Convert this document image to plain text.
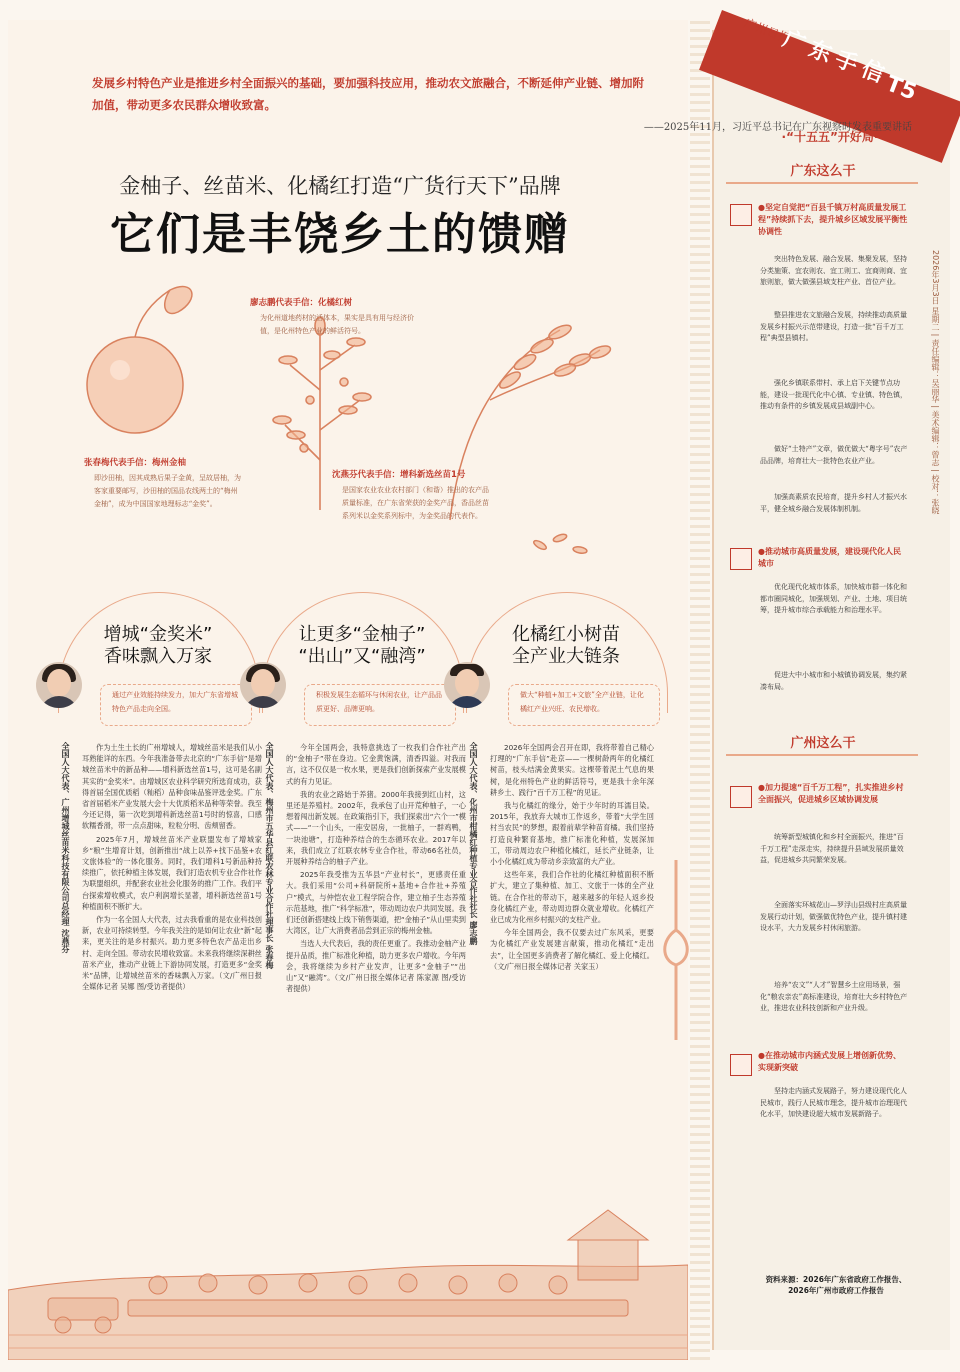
广州日报
广东手信
T5
2026年3月3日 星期二 | 责任编辑：吴丽华 | 美术编辑：曾志 | 校对：张晓
发展乡村特色产业是推进乡村全面振兴的基础，要加强科技应用，推动农文旅融合，不断延伸产业链、增加附加值，带动更多农民群众增收致富。
——2025年11月，习近平总书记在广东视察时发表重要讲话
金柚子、丝苗米、化橘红打造“广货行天下”品牌
它们是丰饶乡土的馈赠
廖志鹏代表手信：化橘红树
为化州道地药材的活体本，果实是具有用与经济价值，是化州特色产业的鲜活符号。
张春梅代表手信：梅州金柚
即沙田柚，因其成熟后果子金黄，呈故居柚，为客家重要邮写，沙田柚的国品农线两土的“梅州金柚”，成为中国国家地理标志“金奖”。
沈燕芬代表手信：增科新选丝苗1号
是国家农业农业农村部门（和谐）推出的农产品质量标准，在广东省荣获的金奖产品，香品丝苗系列米以金奖系列标中，为金奖品的代表作。
增城“金奖米”
香味飘入万家
通过产业效能持续发力，加大广东省增城特色产品走向全国。
全国人大代表、广州增城丝苗米科技有限公司总经理 沈燕芬	作为土生土长的广州增城人，增城丝苗米是我们从小耳熟能详的东西。今年我准备带去北京的“广东手信”是增城丝苗米中的新品种——增科新选丝苗1号，这可是名副其实的“金奖米”。由增城区农业科学研究所选育成功，获得首届全国优质稻（籼稻）品种食味品鉴评选金奖。广东省首届稻米产业发展大会十大优质稻米品种等荣誉。我至今还记得，第一次吃到增科新选丝苗1号时的惊喜，口感软糯香滑，带一点点甜味，粒粒分明、齿颊留香。

2025年7月，增城丝苗米产业联盟发布了增城家乡“粮”生增育计划，创新推出“战上以养+找下品鉴+农文旅体验”的一体化服务。同时，我们增科1号新品种持续推广，依托种植主体发展，我们打造农机专业合作社作为联盟组织，并配套农业社会化服务的推广工作。我们平台探索增收模式，农户利润增长显著，增科新选丝苗1号种植面积不断扩大。

作为一名全国人大代表，过去我看重的是农业科技创新，农业可持续转型。今年我关注的是如何让农业“新”起来，更关注的是乡村振兴。助力更多特色农产品走出乡村、走向全国。带动农民增收致富。未来我将继续深耕丝苗米产业，推动产业链上下游协同发展，打造更多“金奖米”品牌，让增城丝苗米的香味飘入万家。（文/广州日报全媒体记者 吴娜 图/受访者提供）

让更多“金柚子”
“出山”又“融湾”
积极发展生态循环与休闲农业，让产品品质更好、品牌更响。
全国人大代表、梅州市五华县红联农林专业合作社理事长 张春梅	今年全国两会，我特意挑选了一枚我们合作社产出的“金柚子”带在身边。它金黄饱满，清香四溢。对我而言，这不仅仅是一枚水果，更是我们创新探索产业发展模式的有力见证。

我的农业之路始于养猪。2000年我接到红山村，这里还是养殖村。2002年，我承包了山开荒种柚子，一心想着闯出新发展。在政策指引下，我们探索出“六个一”模式——“一个山头，一座安居房，一批柚子，一群鸡鸭，一块池塘”，打造种养结合的生态循环农业。2017年以来，我们成立了红联农林专业合作社，带动66名社员，开展种养结合的柚子产业。

2025年我受推为五华县“产业村长”，更感责任重大。我们采用“公司+科研院所+基地+合作社+养殖户”模式，与仲恺农业工程学院合作，建立柚子生态养殖示范基地，推广“科学标准”，带动周边农户共同发展。我们还创新搭建线上线下销售渠道，把“金柚子”从山里卖到大湾区，让广大消费者品尝到正宗的梅州金柚。

当选人大代表后，我的责任更重了。我推动金柚产业提升品质，推广标准化种植，助力更多农户增收。今年两会，我将继续为乡村产业发声，让更多“金柚子”“出山”又“融湾”。（文/广州日报全媒体记者 陈家源 图/受访者提供）

化橘红小树苗
全产业大链条
做大“种植+加工+文旅”全产业链，让化橘红产业兴旺、农民增收。
全国人大代表、化州市柑橘红种植专业合作社社长 廖志鹏	2026年全国两会召开在即，我将带着自己精心打理的“广东手信”赴京——一棵树龄两年的化橘红树苗，枝头结满金黄果实。这棵带着泥土气息的果树，是化州特色产业的鲜活符号，更是我十余年深耕乡土、践行“百千万工程”的见证。

我与化橘红的缘分，始于少年时的耳濡目染。2015年，我放弃大城市工作返乡，带着“大学生回村当农民”的梦想，跟着前辈学种苗育橘。我们坚持打造良种繁育基地，推广标准化种植，发展深加工，带动周边农户种植化橘红，延长产业链条，让小小化橘红成为带动乡亲致富的大产业。

这些年来，我们合作社的化橘红种植面积不断扩大，建立了集种植、加工、文旅于一体的全产业链。在合作社的带动下，越来越多的年轻人返乡投身化橘红产业，带动周边群众就业增收。化橘红产业已成为化州乡村振兴的支柱产业。

今年全国两会，我不仅要去过广东风采，更要为化橘红产业发展建言献策，推动化橘红“走出去”，让全国更多消费者了解化橘红、爱上化橘红。（文/广州日报全媒体记者 关家玉）

·“十五五”开好局·
广东这么干
●坚定自觉把“百县千镇万村高质量发展工程”持续抓下去，提升城乡区域发展平衡性协调性
突出特色发展、融合发展、集聚发展，坚持分类施策、宜农则农、宜工则工、宜商则商、宜旅则旅，做大做强县域支柱产业、首位产业。
整县推进农文旅融合发展，持续推动高质量发展乡村振兴示范带建设，打造一批“百千万工程”典型县镇村。
强化乡镇联系带村、承上启下关键节点功能，建设一批现代化中心镇、专业镇、特色镇，推动有条件的乡镇发展成县域副中心。
做好“土特产”文章，做优做大“粤字号”农产品品牌，培育壮大一批特色农业产业。
加强高素质农民培育，提升乡村人才振兴水平，健全城乡融合发展体制机制。
●推动城市高质量发展，建设现代化人民城市
优化现代化城市体系，加快城市群一体化和都市圈同城化，加强规划、产业、土地、项目统筹，提升城市综合承载能力和治理水平。
促进大中小城市和小城镇协调发展，集约紧凑布局。
广州这么干
●加力提速“百千万工程”，扎实推进乡村全面振兴，促进城乡区域协调发展
统筹新型城镇化和乡村全面振兴，推进“百千万工程”走深走实，持续提升县域发展质量效益，促进城乡共同繁荣发展。
全面落实环城花山—罗浮山县级村庄高质量发展行动计划，做强做优特色产业，提升镇村建设水平，大力发展乡村休闲旅游。
培养“农文”“人才”智慧乡土应用场景，强化“粮农亲农”高标准建设，培育壮大乡村特色产业，推进农业科技创新和产业升级。
●在推动城市内涵式发展上增创新优势、实现新突破
坚持走内涵式发展路子，努力建设现代化人民城市，践行人民城市理念，提升城市治理现代化水平，加快建设超大城市发展新路子。
资料来源：2026年广东省政府工作报告、2026年广州市政府工作报告
